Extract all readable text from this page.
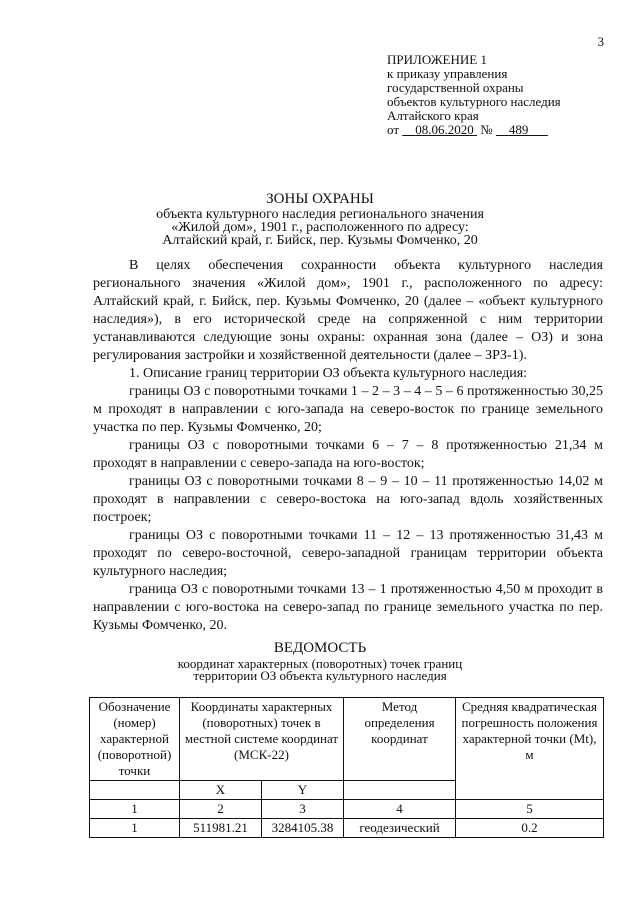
3
ПРИЛОЖЕНИЕ 1
к приказу управления
государственной охраны
объектов культурного наследия
Алтайского края
от 08.06.2020 № 489
ЗОНЫ ОХРАНЫ
объекта культурного наследия регионального значения
«Жилой дом», 1901 г., расположенного по адресу:
Алтайский край, г. Бийск, пер. Кузьмы Фомченко, 20

В целях обеспечения сохранности объекта культурного наследия регионального значения «Жилой дом», 1901 г., расположенного по адресу: Алтайский край, г. Бийск, пер. Кузьмы Фомченко, 20 (далее – «объект культурного наследия»), в его исторической среде на сопряженной с ним территории устанавливаются следующие зоны охраны: охранная зона (далее – ОЗ) и зона регулирования застройки и хозяйственной деятельности (далее – ЗРЗ-1).

1. Описание границ территории ОЗ объекта культурного наследия:

границы ОЗ с поворотными точками 1 – 2 – 3 – 4 – 5 – 6 протяженностью 30,25 м проходят в направлении с юго-запада на северо-восток по границе земельного участка по пер. Кузьмы Фомченко, 20;

границы ОЗ с поворотными точками 6 – 7 – 8 протяженностью 21,34 м проходят в направлении с северо-запада на юго-восток;

границы ОЗ с поворотными точками 8 – 9 – 10 – 11 протяженностью 14,02 м проходят в направлении с северо-востока на юго-запад вдоль хозяйственных построек;

границы ОЗ с поворотными точками 11 – 12 – 13 протяженностью 31,43 м проходят по северо-восточной, северо-западной границам территории объекта культурного наследия;

граница ОЗ с поворотными точками 13 – 1 протяженностью 4,50 м проходит в направлении с юго-востока на северо-запад по границе земельного участка по пер. Кузьмы Фомченко, 20.

ВЕДОМОСТЬ
координат характерных (поворотных) точек границ
территории ОЗ объекта культурного наследия
Обозначение (номер) характерной (поворотной) точки	Координаты характерных (поворотных) точек в местной системе координат (МСК-22)		Метод определения координат	Средняя квадратическая погрешность положения характерной точки (Mt), м

	X	Y		
1	2	3	4	5
1	511981.21	3284105.38	геодезический	0.2
